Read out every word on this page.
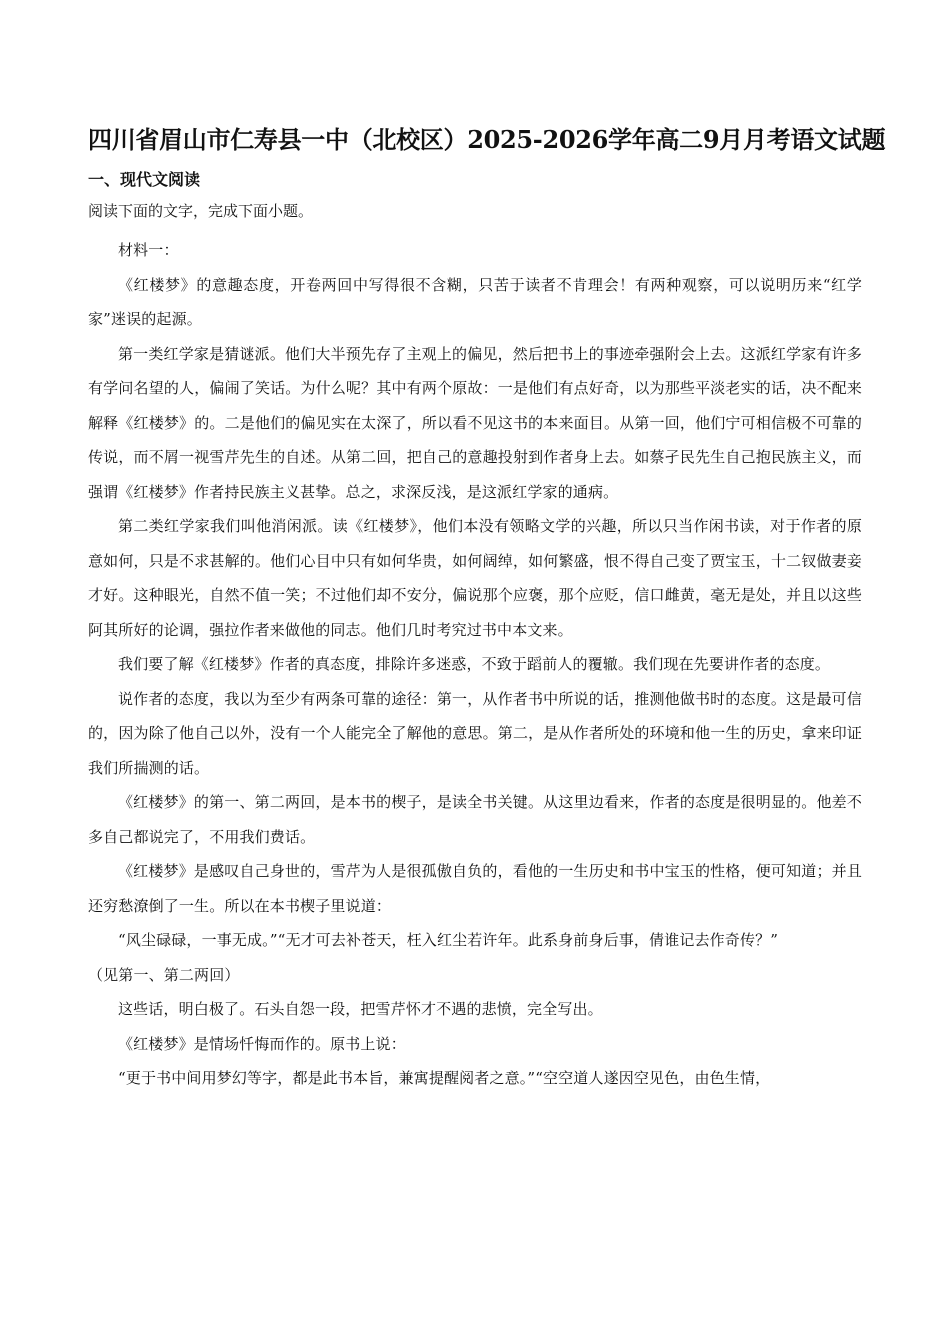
四川省眉山市仁寿县一中（北校区）2025-2026学年高二9月月考语文试题
一、现代文阅读
阅读下面的文字，完成下面小题。

材料一：

《红楼梦》的意趣态度，开卷两回中写得很不含糊，只苦于读者不肯理会！有两种观察，可以说明历来“红学家”迷误的起源。

第一类红学家是猜谜派。他们大半预先存了主观上的偏见，然后把书上的事迹牵强附会上去。这派红学家有许多有学问名望的人，偏闹了笑话。为什么呢？其中有两个原故：一是他们有点好奇，以为那些平淡老实的话，决不配来解释《红楼梦》的。二是他们的偏见实在太深了，所以看不见这书的本来面目。从第一回，他们宁可相信极不可靠的传说，而不屑一视雪芹先生的自述。从第二回，把自己的意趣投射到作者身上去。如蔡孑民先生自己抱民族主义，而强谓《红楼梦》作者持民族主义甚挚。总之，求深反浅，是这派红学家的通病。

第二类红学家我们叫他消闲派。读《红楼梦》，他们本没有领略文学的兴趣，所以只当作闲书读，对于作者的原意如何，只是不求甚解的。他们心目中只有如何华贵，如何阔绰，如何繁盛，恨不得自己变了贾宝玉，十二钗做妻妾才好。这种眼光，自然不值一笑；不过他们却不安分，偏说那个应褒，那个应贬，信口雌黄，毫无是处，并且以这些阿其所好的论调，强拉作者来做他的同志。他们几时考究过书中本文来。

我们要了解《红楼梦》作者的真态度，排除许多迷惑，不致于蹈前人的覆辙。我们现在先要讲作者的态度。

说作者的态度，我以为至少有两条可靠的途径：第一，从作者书中所说的话，推测他做书时的态度。这是最可信的，因为除了他自己以外，没有一个人能完全了解他的意思。第二，是从作者所处的环境和他一生的历史，拿来印证我们所揣测的话。

《红楼梦》的第一、第二两回，是本书的楔子，是读全书关键。从这里边看来，作者的态度是很明显的。他差不多自己都说完了，不用我们费话。

《红楼梦》是感叹自己身世的，雪芹为人是很孤傲自负的，看他的一生历史和书中宝玉的性格，便可知道；并且还穷愁潦倒了一生。所以在本书楔子里说道：

“风尘碌碌，一事无成。”“无才可去补苍天，枉入红尘若许年。此系身前身后事，倩谁记去作奇传？”

（见第一、第二两回）

这些话，明白极了。石头自怨一段，把雪芹怀才不遇的悲愤，完全写出。

《红楼梦》是情场忏悔而作的。原书上说：

“更于书中间用梦幻等字，都是此书本旨，兼寓提醒阅者之意。”“空空道人遂因空见色，由色生情，
